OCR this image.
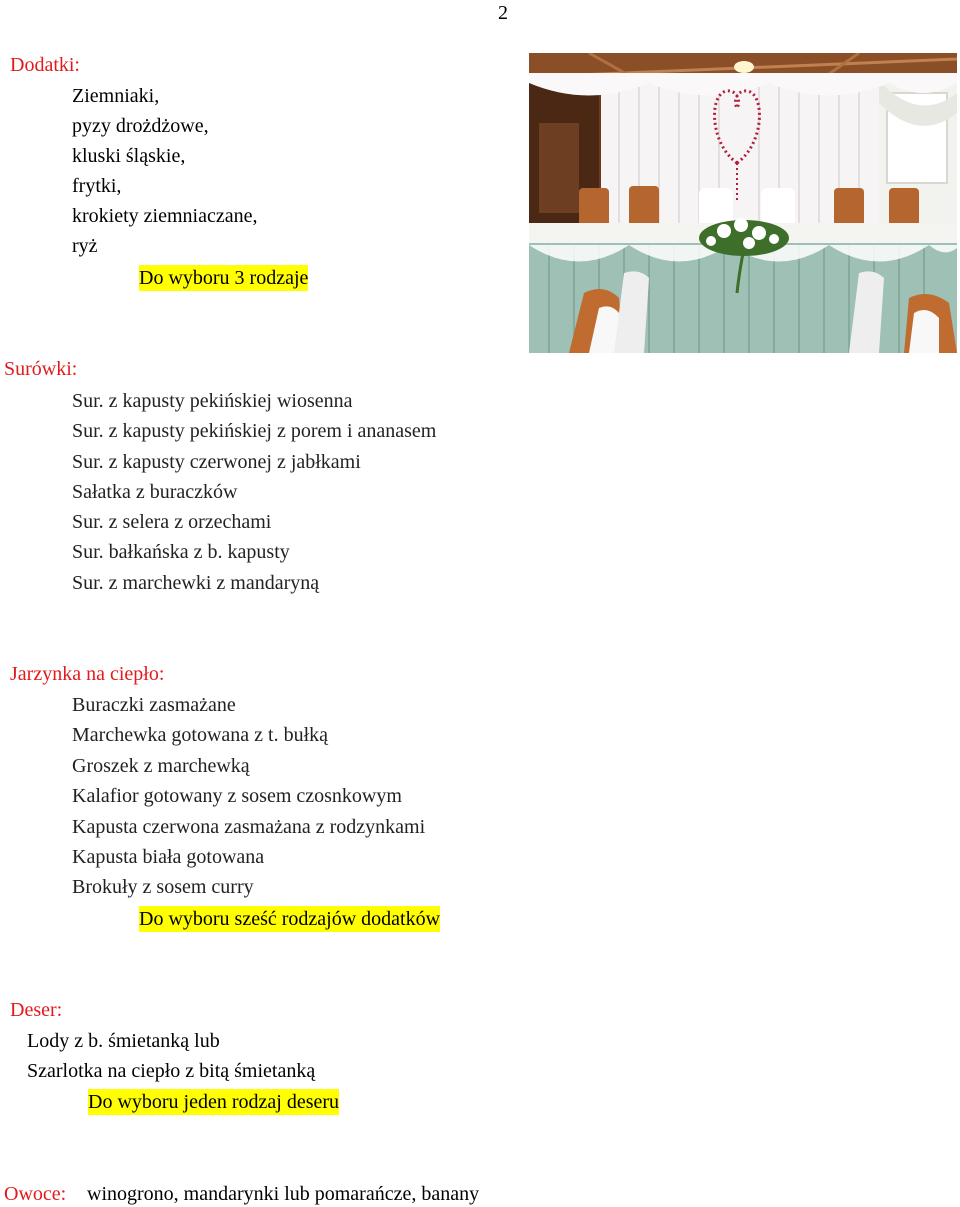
2
Dodatki:
Ziemniaki,
pyzy drożdżowe,
kluski śląskie,
frytki,
krokiety ziemniaczane,
ryż
Do wyboru 3 rodzaje
Surówki:
Sur. z kapusty pekińskiej wiosenna
Sur. z kapusty pekińskiej z porem i ananasem
Sur. z kapusty czerwonej z jabłkami
Sałatka z buraczków
Sur. z selera z orzechami
Sur. bałkańska z b. kapusty
Sur. z marchewki z mandaryną
Jarzynka na ciepło:
Buraczki zasmażane
Marchewka gotowana z t. bułką
Groszek z marchewką
Kalafior gotowany z sosem czosnkowym
Kapusta czerwona zasmażana z rodzynkami
Kapusta biała gotowana
Brokuły z sosem curry
Do wyboru sześć rodzajów dodatków
Deser:
Lody z b. śmietanką lub
Szarlotka na ciepło z bitą śmietanką
Do wyboru jeden rodzaj deseru
Owoce: winogrono, mandarynki lub pomarańcze, banany
